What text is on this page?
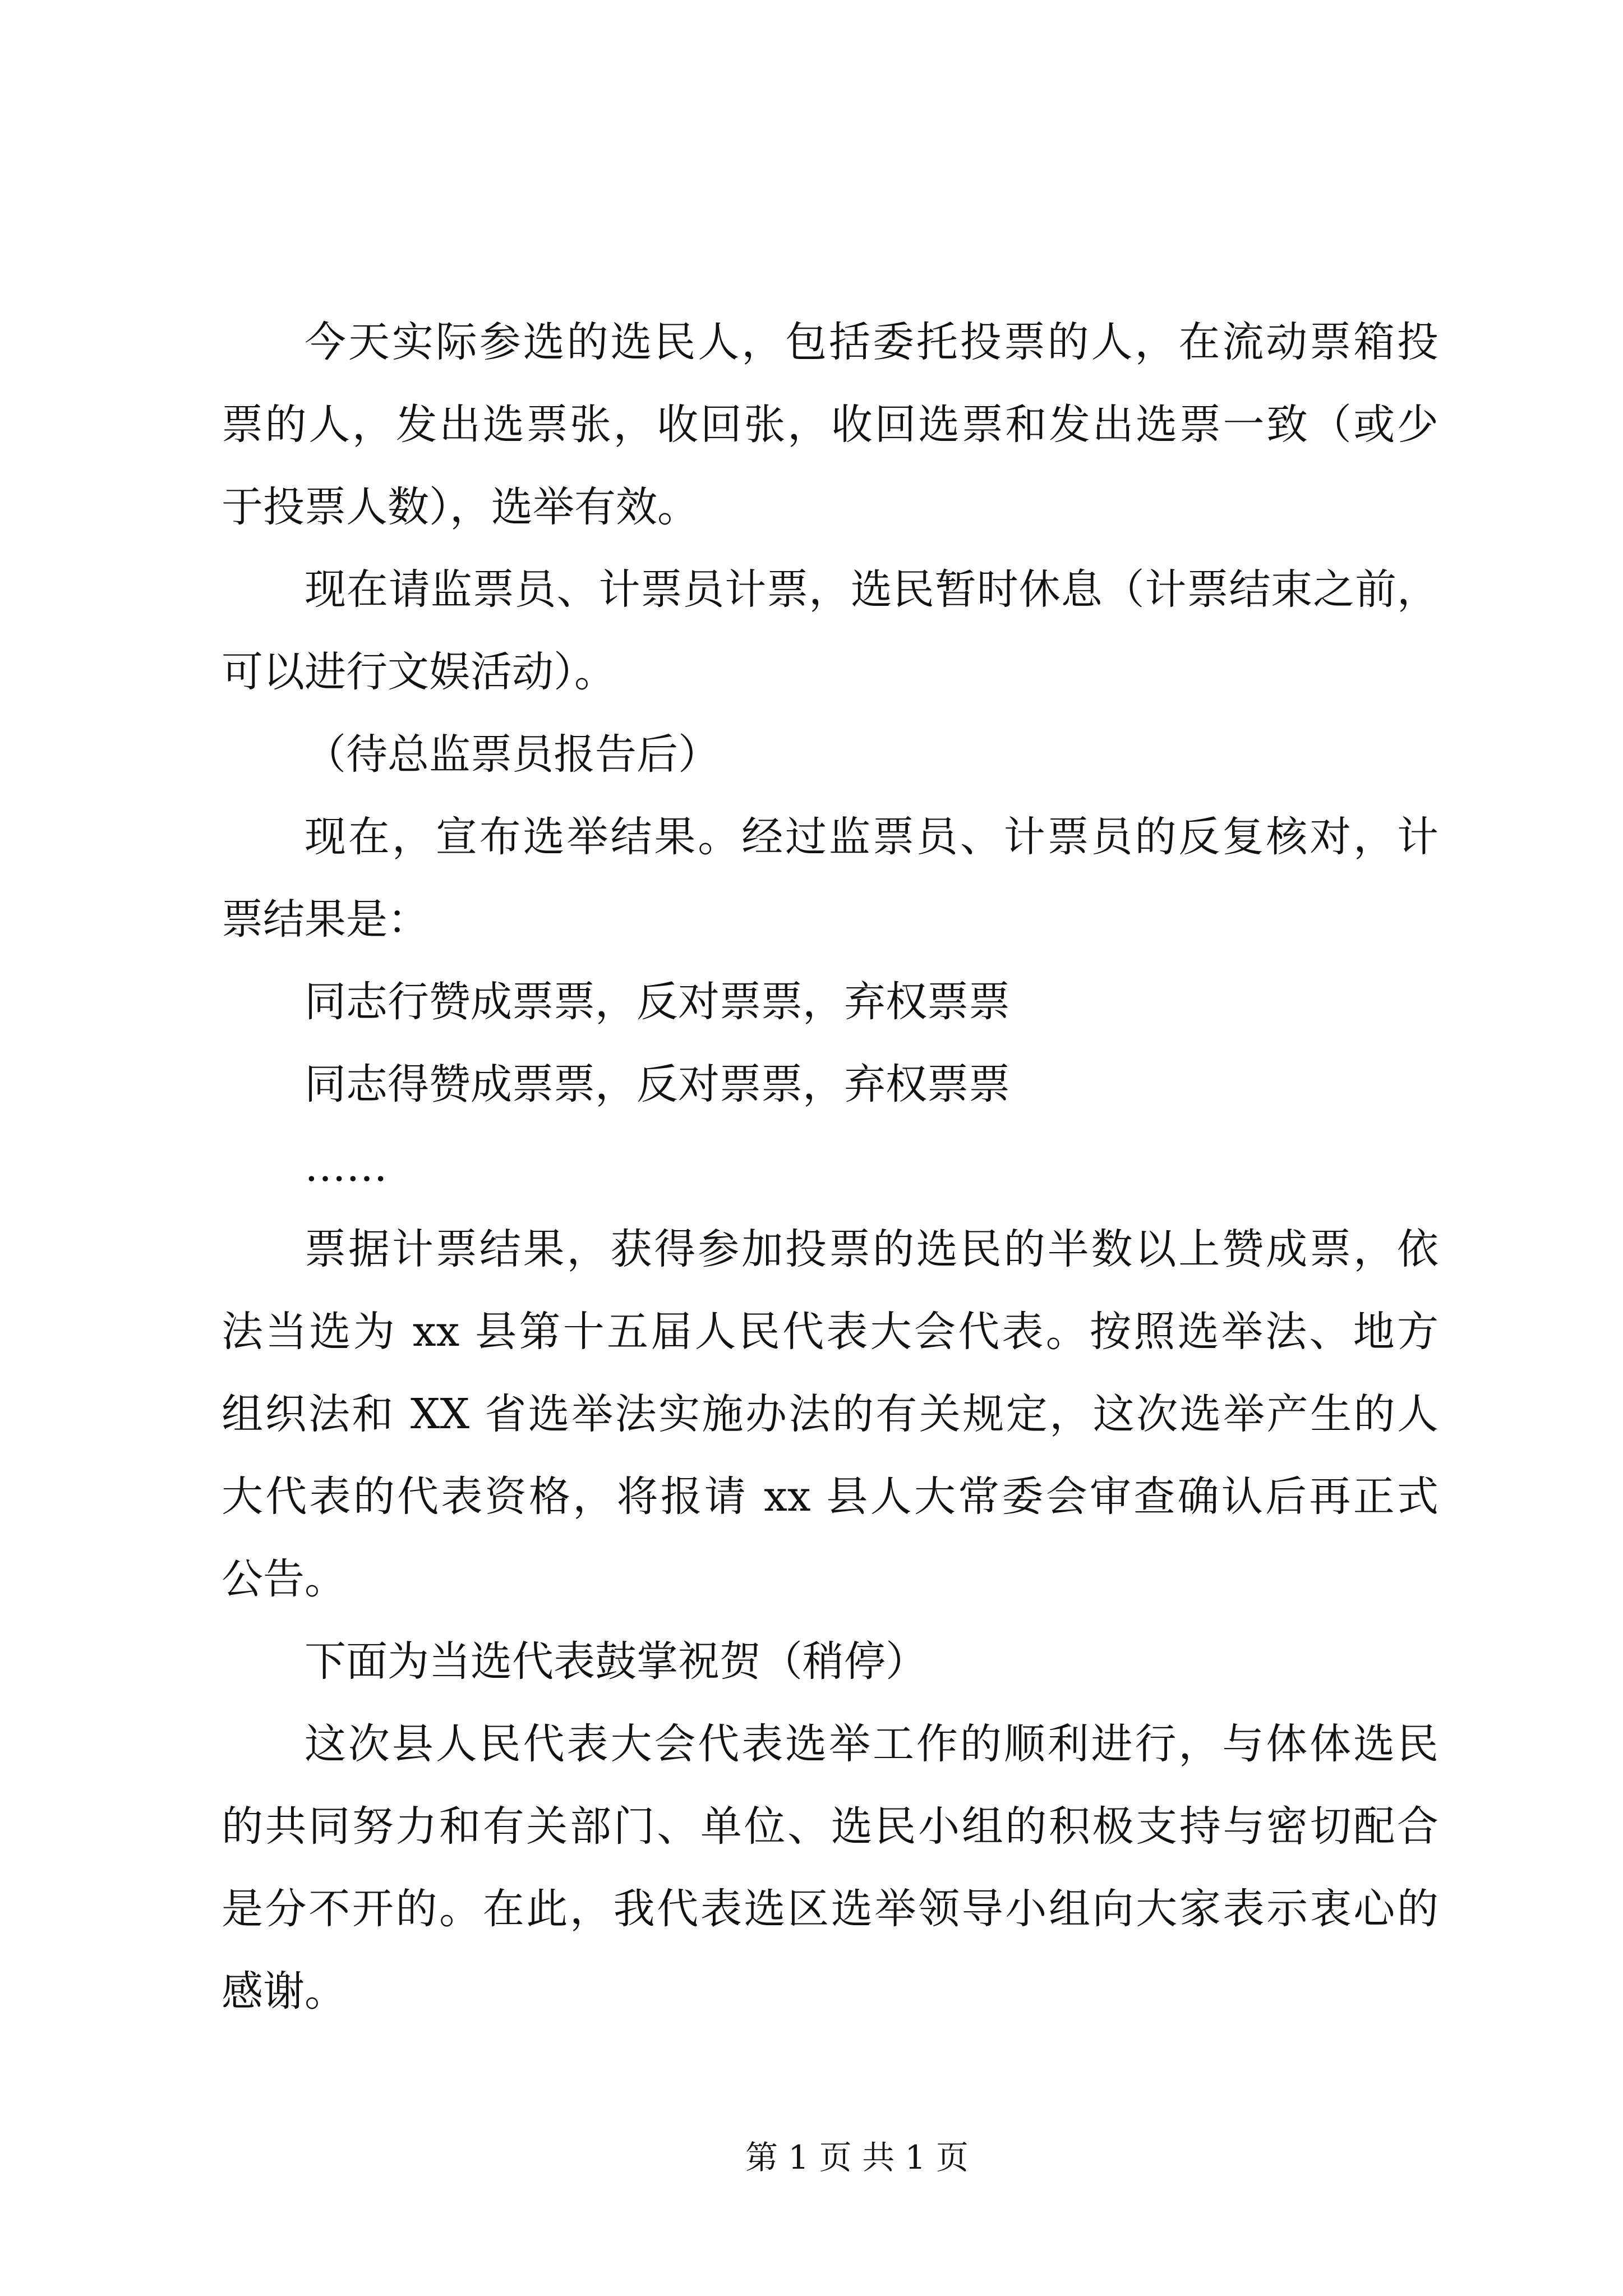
今天实际参选的选民人，包括委托投票的人，在流动票箱投
票的人，发出选票张，收回张，收回选票和发出选票一致（或少
于投票人数），选举有效。
现在请监票员、计票员计票，选民暂时休息（计票结束之前，
可以进行文娱活动）。
（待总监票员报告后）
现在，宣布选举结果。经过监票员、计票员的反复核对，计
票结果是：
同志行赞成票票，反对票票，弃权票票
同志得赞成票票，反对票票，弃权票票
……
票据计票结果，获得参加投票的选民的半数以上赞成票，依
法当选为 xx 县第十五届人民代表大会代表。按照选举法、地方
组织法和 XX 省选举法实施办法的有关规定，这次选举产生的人
大代表的代表资格，将报请 xx 县人大常委会审查确认后再正式
公告。
下面为当选代表鼓掌祝贺（稍停）
这次县人民代表大会代表选举工作的顺利进行，与体体选民
的共同努力和有关部门、单位、选民小组的积极支持与密切配合
是分不开的。在此，我代表选区选举领导小组向大家表示衷心的
感谢。
第 1 页 共 1 页
